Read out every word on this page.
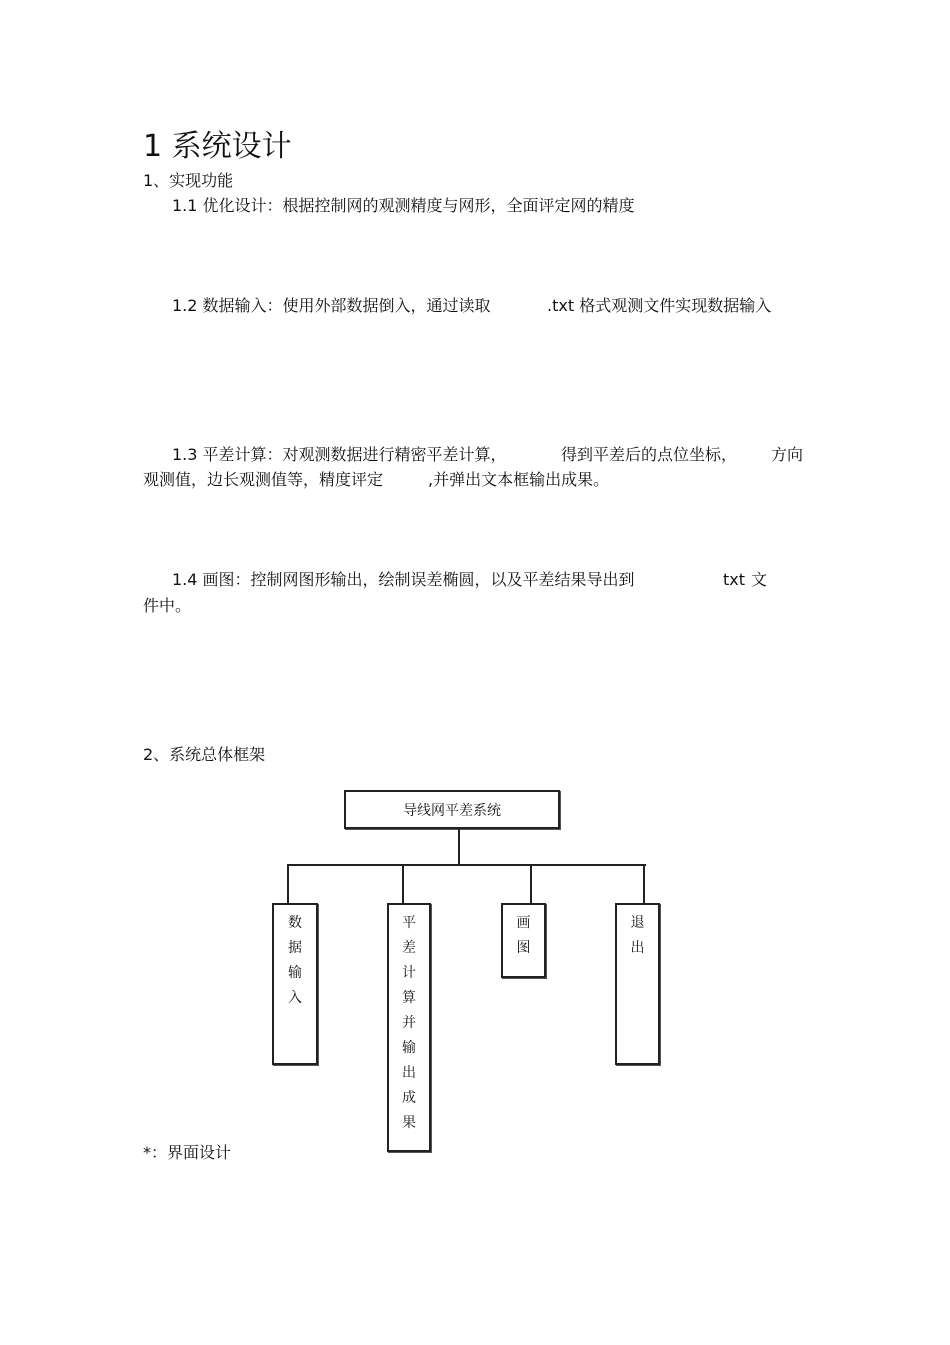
1 系统设计
1、实现功能
1.1 优化设计：根据控制网的观测精度与网形，全面评定网的精度
1.2 数据输入：使用外部数据倒入，通过读取	.txt 格式观测文件实现数据输入
1.3 平差计算：对观测数据进行精密平差计算，	得到平差后的点位坐标， 方向
观测值，边长观测值等，精度评定	,并弹出文本框输出成果。
1.4 画图：控制网图形输出，绘制误差椭圆，以及平差结果导出到	txt 文
件中。
2、系统总体框架
导线网平差系统
数
据
输
入
平
差
计
算
并
输
出
成
果
画
图
退
出
*：界面设计
